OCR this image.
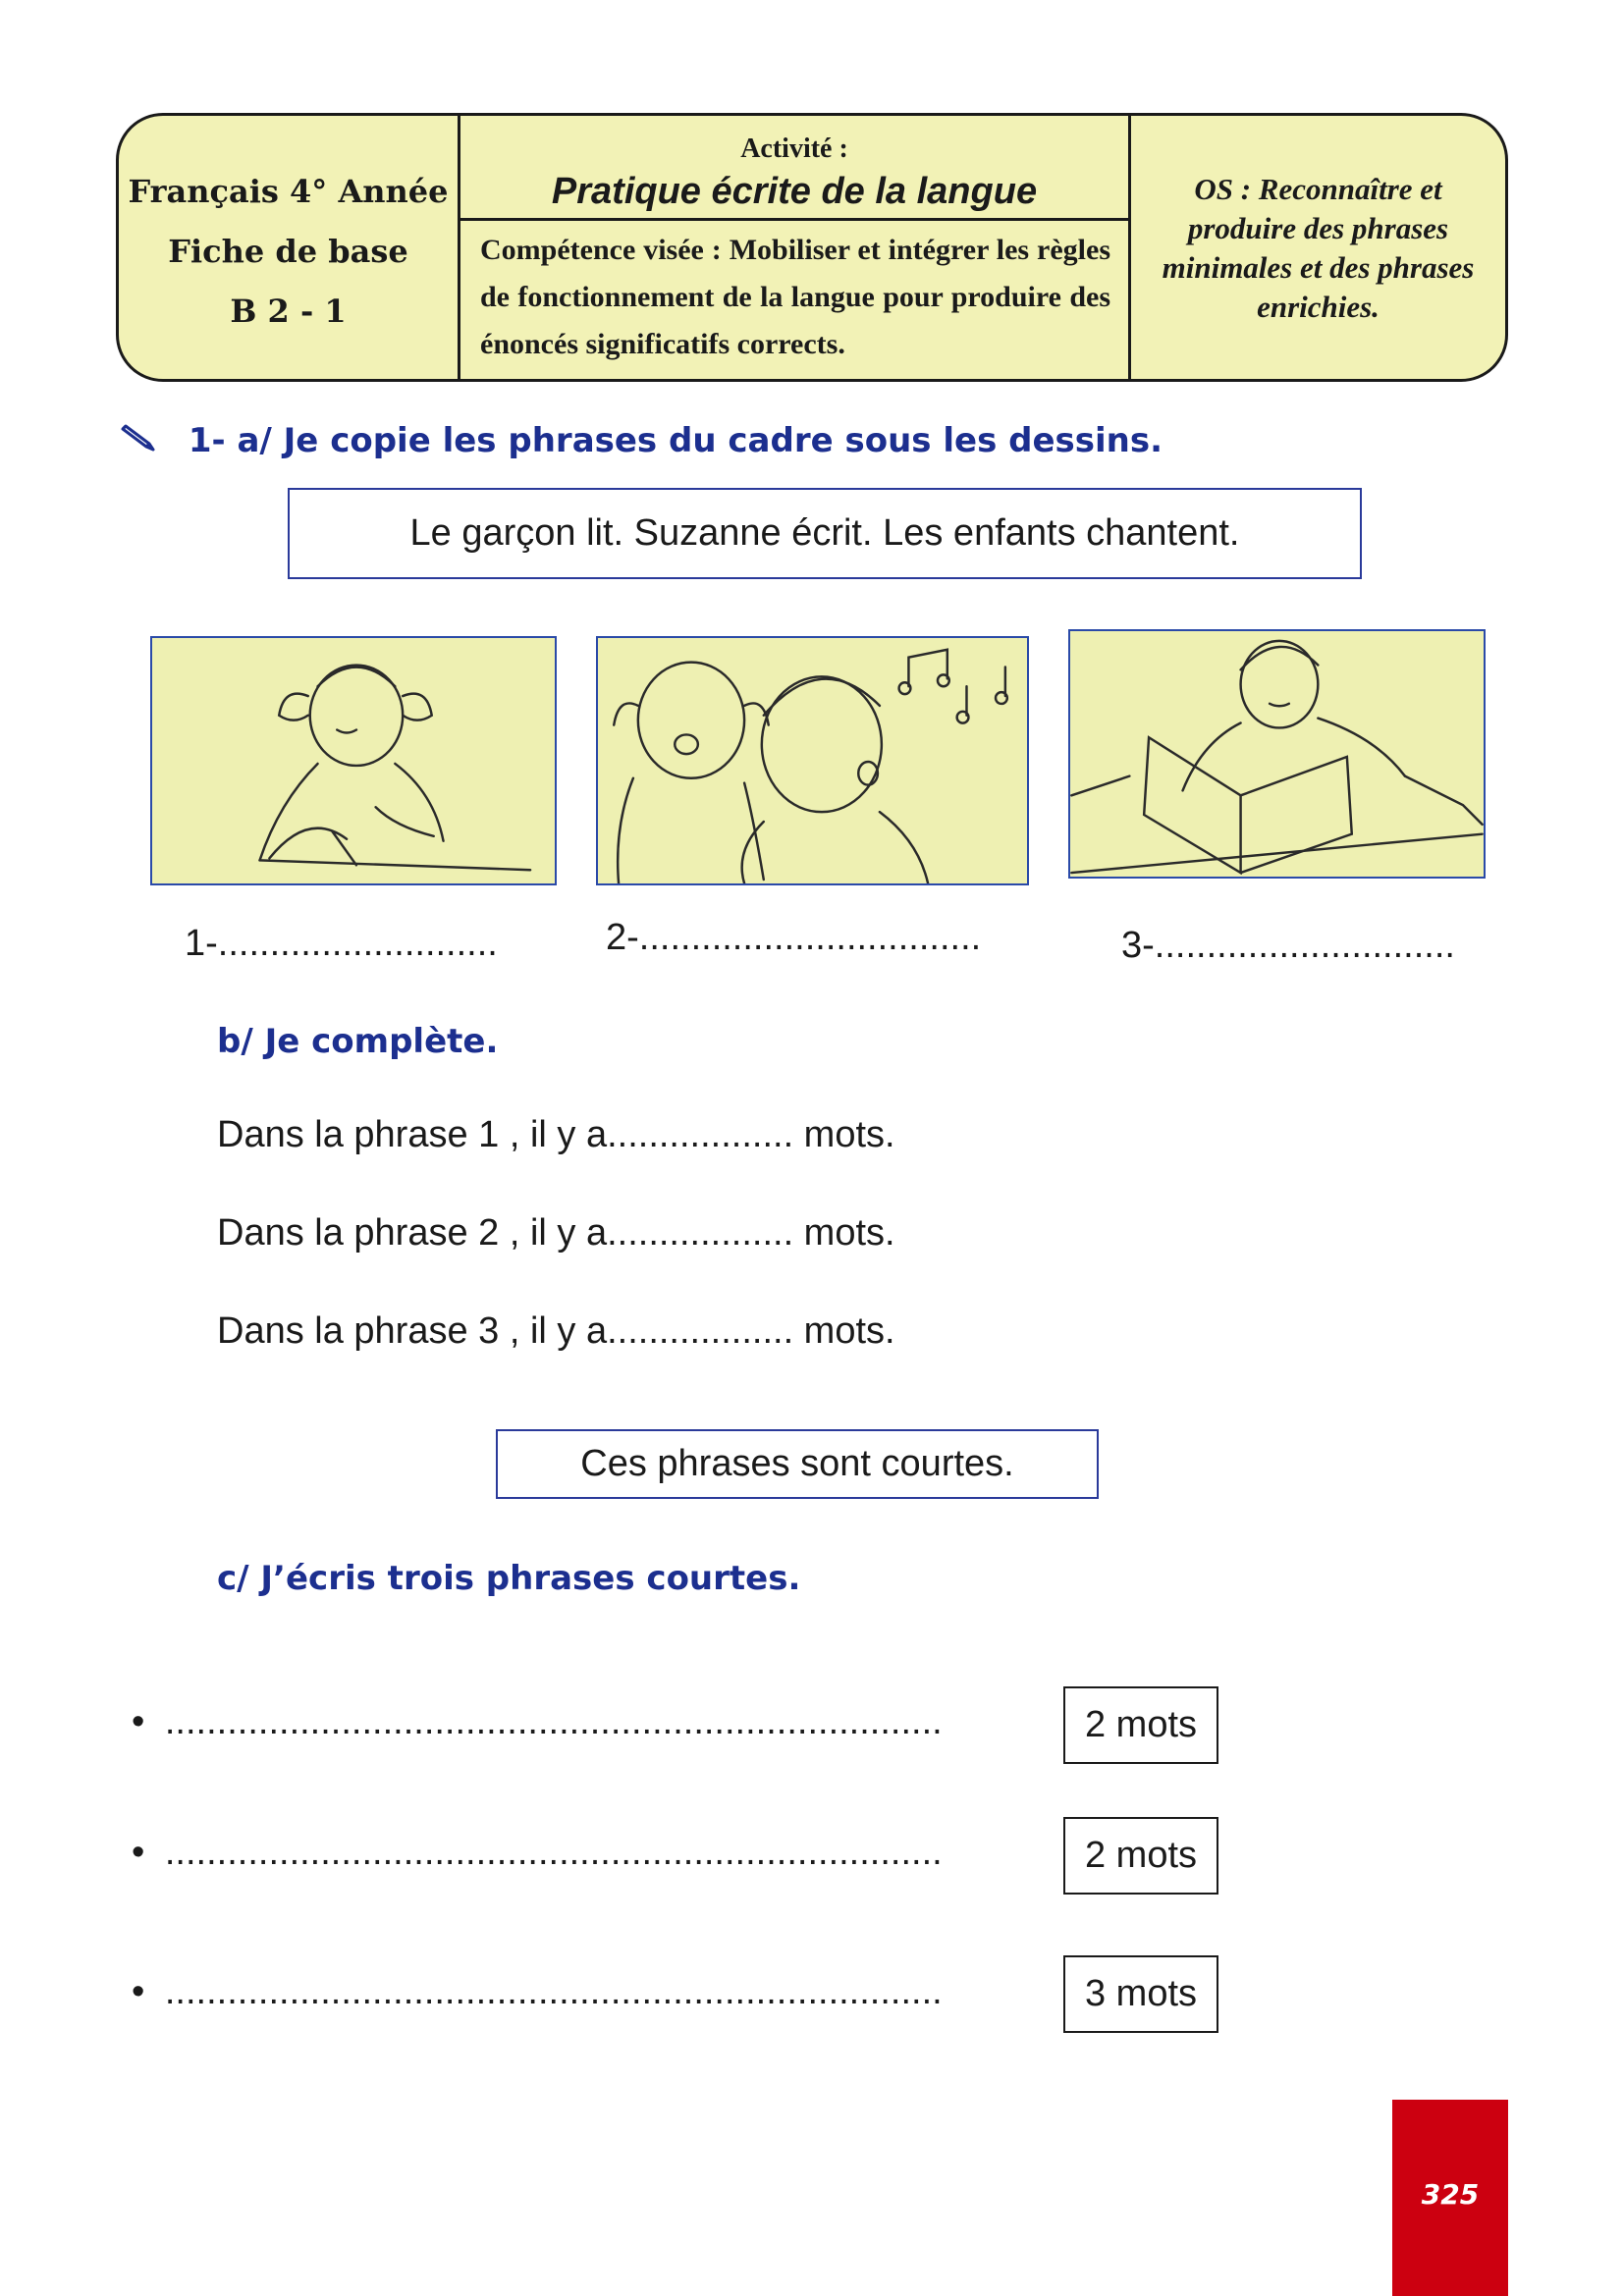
Français 4° Année
Fiche de base
B 2 - 1
Activité :
Pratique écrite de la langue
Compétence visée : Mobiliser et intégrer les règles de fonctionnement de la langue pour produire des énoncés significatifs corrects.
OS : Reconnaître et produire des phrases minimales et des phrases enrichies.
1- a/ Je copie les phrases du cadre sous les dessins.
Le garçon lit. Suzanne écrit. Les enfants chantent.
1-...........................	2-.................................	3-.............................
b/ Je complète.
Dans la phrase 1 , il y a.................. mots.
Dans la phrase 2 , il y a.................. mots.
Dans la phrase 3 , il y a.................. mots.
Ces phrases sont courtes.
c/ J’écris trois phrases courtes.
• ...........................................................................	2 mots
• ...........................................................................	2 mots
• ...........................................................................	3 mots
325
